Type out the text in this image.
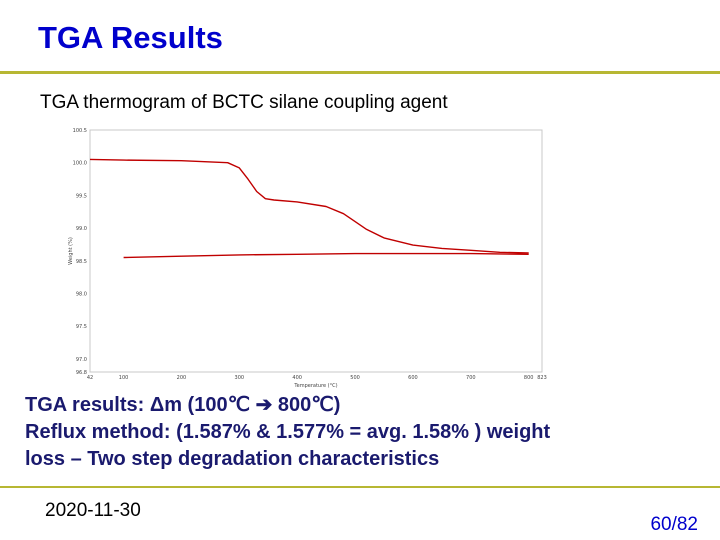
TGA Results
TGA thermogram of BCTC silane coupling agent
100.5
100.0
99.5
99.0
98.5
98.0
97.5
97.0
96.8
42	100	200	300	400	500	600	700	800 823
Temperature (°C)
Weight (%)
TGA results: Δm (100℃ ➔ 800℃)
Reflux method: (1.587% & 1.577% = avg. 1.58% ) weight
loss – Two step degradation characteristics
2020-11-30
60/82
